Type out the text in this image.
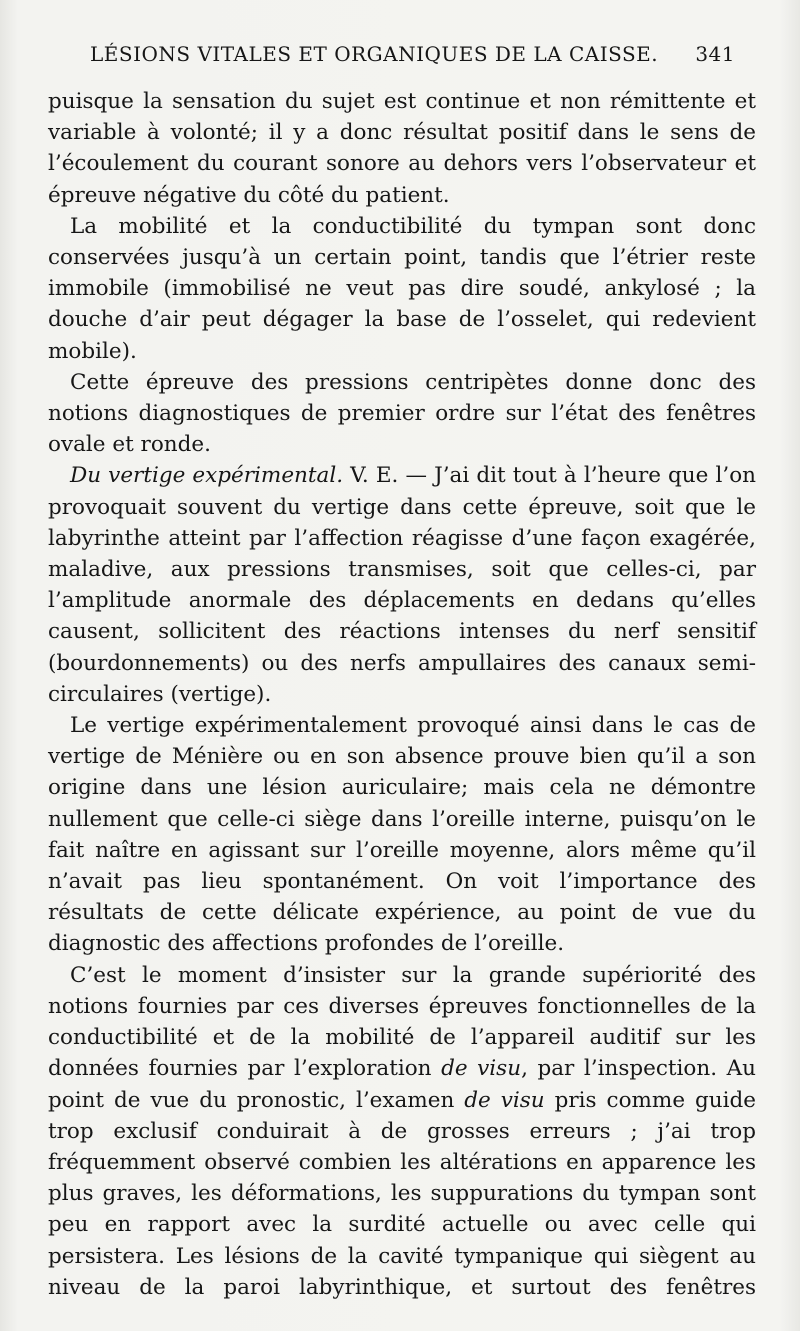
LÉSIONS VITALES ET ORGANIQUES DE LA CAISSE. 341

puisque la sensation du sujet est continue et non rémittente et variable à volonté; il y a donc résultat positif dans le sens de l’écoulement du courant sonore au dehors vers l’observateur et épreuve négative du côté du patient.

La mobilité et la conductibilité du tympan sont donc conservées jusqu’à un certain point, tandis que l’étrier reste immobile (immobilisé ne veut pas dire soudé, ankylosé ; la douche d’air peut dégager la base de l’osselet, qui redevient mobile).

Cette épreuve des pressions centripètes donne donc des notions diagnostiques de premier ordre sur l’état des fenêtres ovale et ronde.

Du vertige expérimental. V. E. — J’ai dit tout à l’heure que l’on provoquait souvent du vertige dans cette épreuve, soit que le labyrinthe atteint par l’affection réagisse d’une façon exagérée, maladive, aux pressions transmises, soit que celles-ci, par l’amplitude anormale des déplacements en dedans qu’elles causent, sollicitent des réactions intenses du nerf sensitif (bourdonnements) ou des nerfs ampullaires des canaux semi-circulaires (vertige).

Le vertige expérimentalement provoqué ainsi dans le cas de vertige de Ménière ou en son absence prouve bien qu’il a son origine dans une lésion auriculaire; mais cela ne démontre nullement que celle-ci siège dans l’oreille interne, puisqu’on le fait naître en agissant sur l’oreille moyenne, alors même qu’il n’avait pas lieu spontanément. On voit l’importance des résultats de cette délicate expérience, au point de vue du diagnostic des affections profondes de l’oreille.

C’est le moment d’insister sur la grande supériorité des notions fournies par ces diverses épreuves fonctionnelles de la conductibilité et de la mobilité de l’appareil auditif sur les données fournies par l’exploration de visu, par l’inspection. Au point de vue du pronostic, l’examen de visu pris comme guide trop exclusif conduirait à de grosses erreurs ; j’ai trop fréquemment observé combien les altérations en apparence les plus graves, les déformations, les suppurations du tympan sont peu en rapport avec la surdité actuelle ou avec celle qui persistera. Les lésions de la cavité tympanique qui siègent au niveau de la paroi labyrinthique, et surtout des fenêtres
